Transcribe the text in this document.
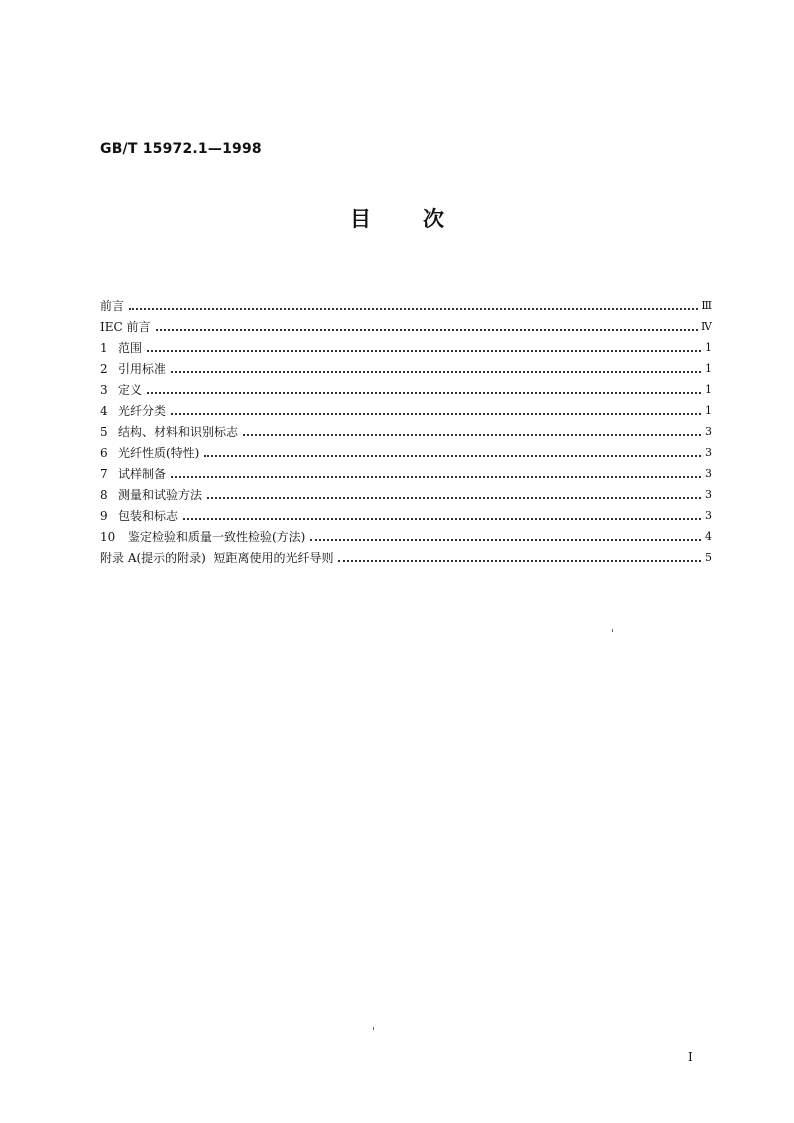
GB/T 15972.1—1998
目 次
前言	Ⅲ
IEC 前言	Ⅳ
1 范围	1
2 引用标准	1
3 定义	1
4 光纤分类	1
5 结构、材料和识别标志	3
6 光纤性质(特性)	3
7 试样制备	3
8 测量和试验方法	3
9 包装和标志	3
10 鉴定检验和质量一致性检验(方法)	4
附录 A(提示的附录)  短距离使用的光纤导则	5
I
